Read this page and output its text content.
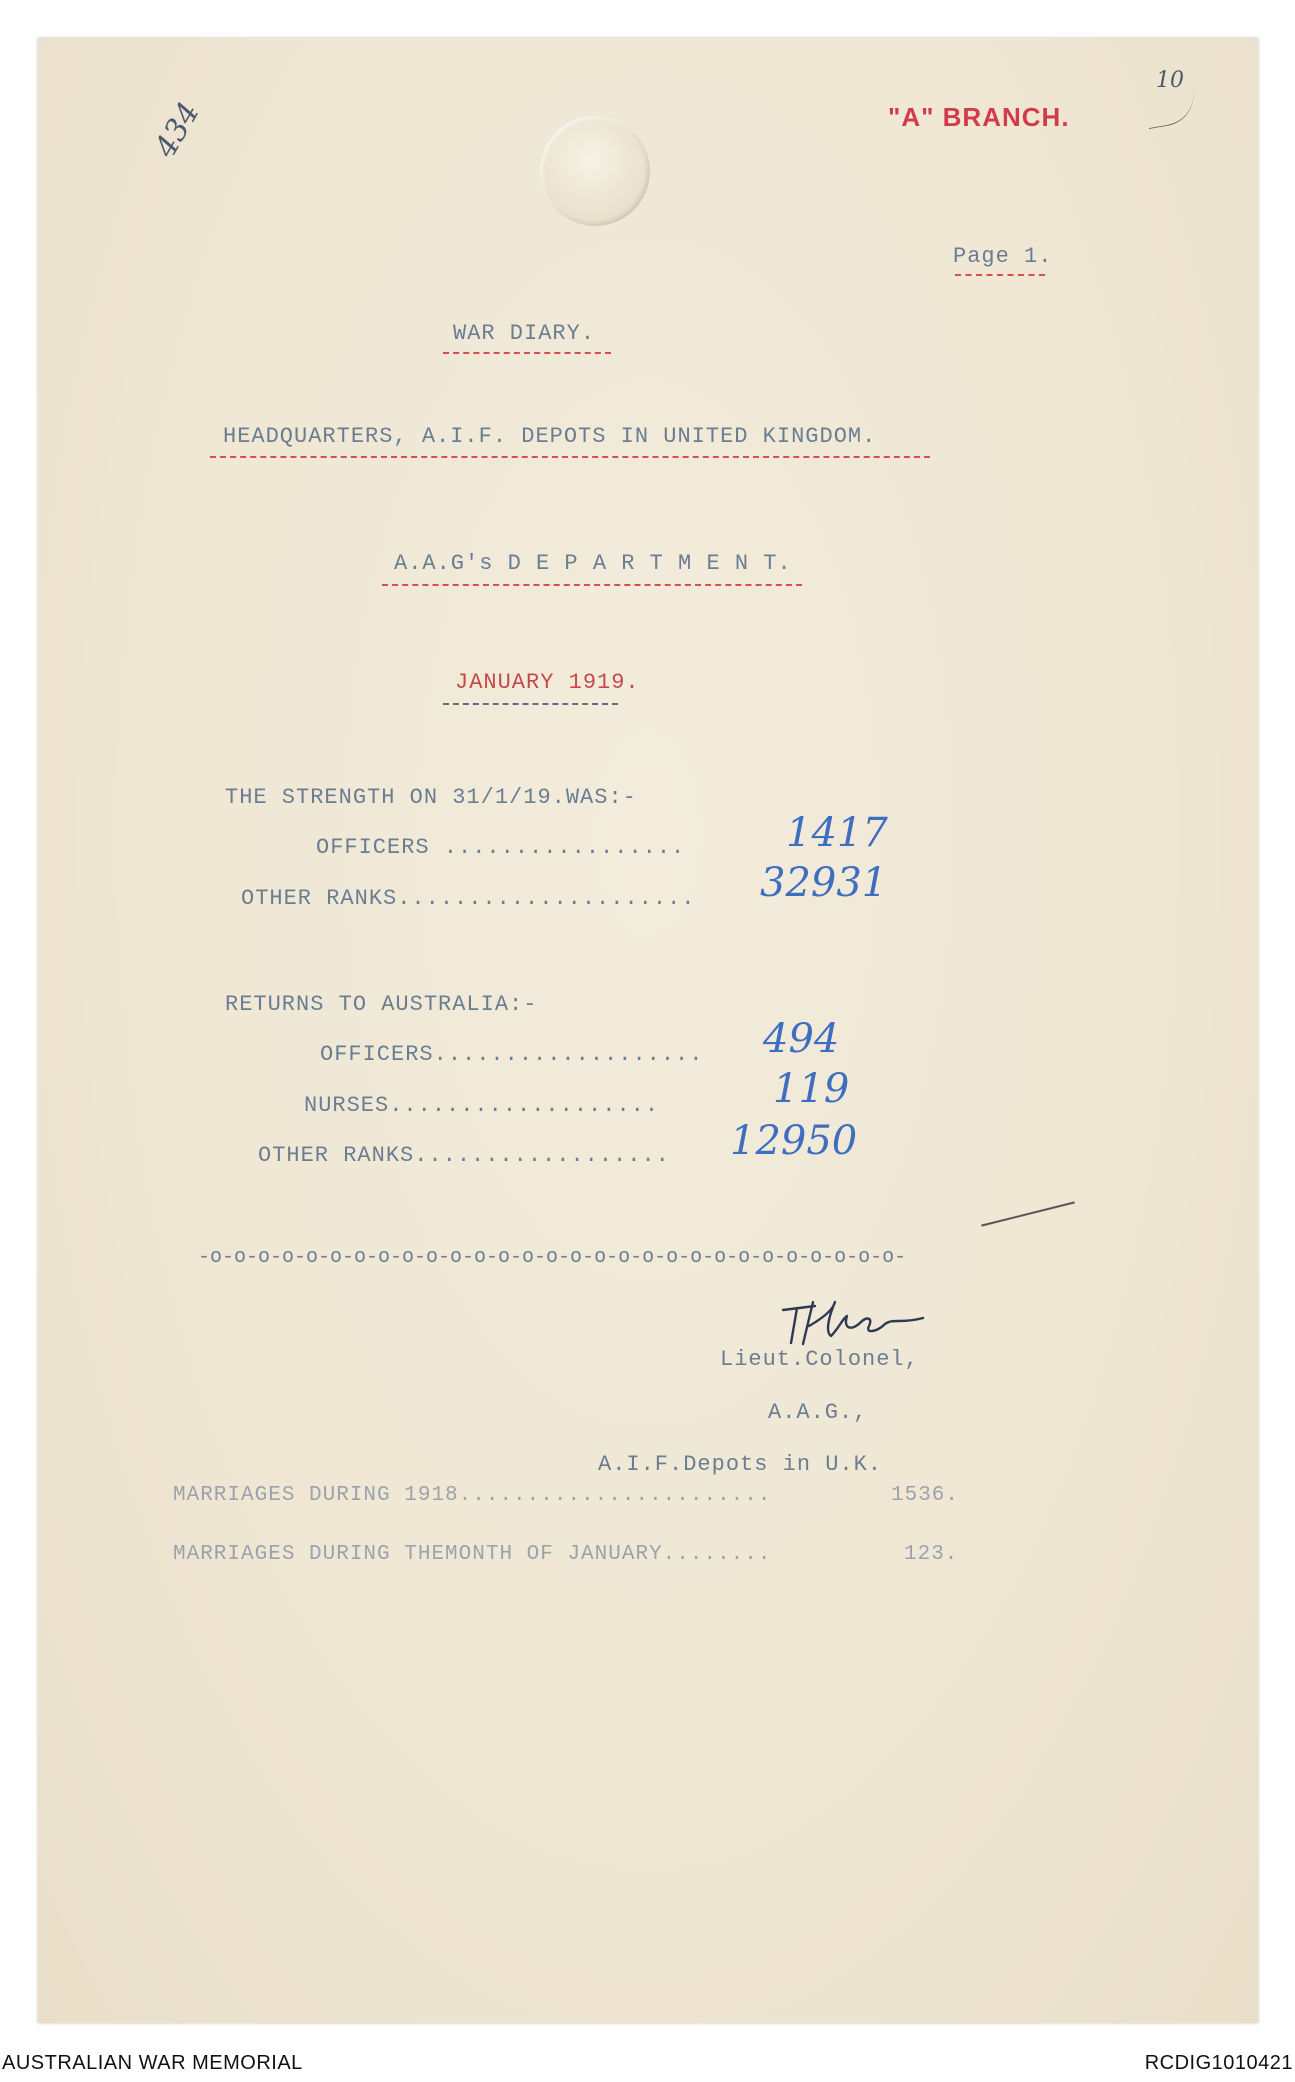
434
10
"A" BRANCH.
Page 1.
WAR DIARY.
HEADQUARTERS, A.I.F. DEPOTS IN UNITED KINGDOM.
A.A.G's D E P A R T M E N T.
JANUARY 1919.
THE STRENGTH ON 31/1/19.WAS:-
OFFICERS .................	1417
OTHER RANKS..................... 32931
RETURNS TO AUSTRALIA:-
OFFICERS................... 494
NURSES...................	119
OTHER RANKS.................. 12950
-o-o-o-o-o-o-o-o-o-o-o-o-o-o-o-o-o-o-o-o-o-o-o-o-o-o-o-o-o-
Lieut.Colonel,
A.A.G.,
A.I.F.Depots in U.K.
MARRIAGES DURING 1918.......................	1536.
MARRIAGES DURING THEMONTH OF JANUARY........	123.
AUSTRALIAN WAR MEMORIAL	RCDIG1010421
